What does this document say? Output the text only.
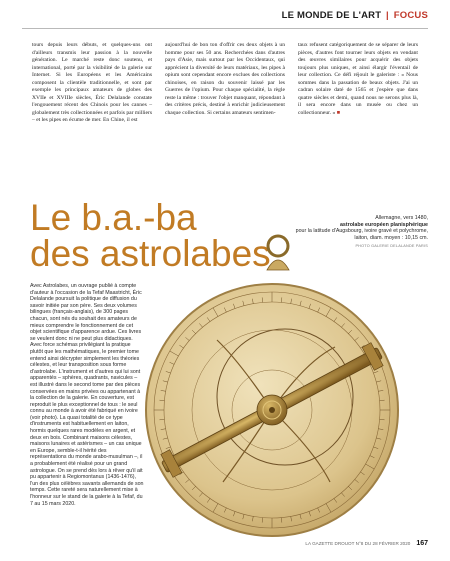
LE MONDE DE L'ART | FOCUS

tours depuis leurs débuts, et quelques-uns ont d'ailleurs transmis leur passion à la nouvelle génération. Le marché reste donc soutenu, et international, porté par la visibilité de la galerie sur Internet. Si les Européens et les Américains composent la clientèle traditionnelle, et sont par exemple les principaux amateurs de globes des XVIIe et XVIIIe siècles, Éric Delalande constate l'engouement récent des Chinois pour les cannes – globalement très collectionnées et parfois par milliers – et les pipes en écume de mer. En Chine, il est

aujourd'hui de bon ton d'offrir ces deux objets à un homme pour ses 50 ans. Recherchées dans d'autres pays d'Asie, mais surtout par les Occidentaux, qui apprécient la diversité de leurs matériaux, les pipes à opium sont cependant encore exclues des collections chinoises, en raison du souvenir laissé par les Guerres de l'opium. Pour chaque spécialité, la règle reste la même : trouver l'objet manquant, répondant à des critères précis, destiné à enrichir judicieusement chaque collection. Si certains amateurs sentimen-

taux refusent catégoriquement de se séparer de leurs pièces, d'autres font tourner leurs objets en vendant des œuvres similaires pour acquérir des objets toujours plus uniques, et ainsi élargir l'éventail de leur collection. Ce défi réjouit le galeriste : « Nous sommes dans la passation de beaux objets. J'ai un cadran solaire daté de 1565 et j'espère que dans quatre siècles et demi, quand nous ne serons plus là, il sera encore dans un musée ou chez un collectionneur. » ■

Le b.a.-ba
des astrolabes
Allemagne, vers 1480,
astrolabe européen planisphérique
pour la latitude d'Augsbourg, ivoire gravé et polychrome, laiton, diam. moyen : 10,15 cm.
PHOTO GALERIE DELALANDE PARIS

Avec Astrolabes, un ouvrage publié à compte d'auteur à l'occasion de la Tefaf Maastricht, Éric Delalande poursuit la politique de diffusion du savoir initiée par son père. Ses deux volumes bilingues (français-anglais), de 300 pages chacun, sont nés du souhait des amateurs de mieux comprendre le fonctionnement de cet objet scientifique d'apparence ardue. Ces livres se veulent donc ni ne peut plus didactiques. Avec force schémas privilégiant la pratique plutôt que les mathématiques, le premier tome entend ainsi décrypter simplement les théories célestes, et leur transposition sous forme d'astrolabe. L'instrument et d'autres qui lui sont apparentés – sphères, quadrants, navicules – est illustré dans le second tome par des pièces conservées en mains privées ou appartenant à la collection de la galerie. En couverture, est reproduit le plus exceptionnel de tous : le seul connu au monde à avoir été fabriqué en ivoire (voir photo). La quasi totalité de ce type d'instruments est habituellement en laiton, hormis quelques rares modèles en argent, et deux en bois. Combinant maisons célestes, maisons lunaires et astérismes – un cas unique en Europe, semble-t-il hérité des représentations du monde arabo-musulman –, il a probablement été réalisé pour un grand astrologue. On se prend dès lors à rêver qu'il ait pu appartenir à Regiomontanus (1436-1476), l'un des plus célèbres savants allemands de son temps. Cette rareté sera naturellement mise à l'honneur sur le stand de la galerie à la Tefaf, du 7 au 15 mars 2020.

LA GAZETTE DROUOT N°8 DU 28 FÉVRIER 2020 167
